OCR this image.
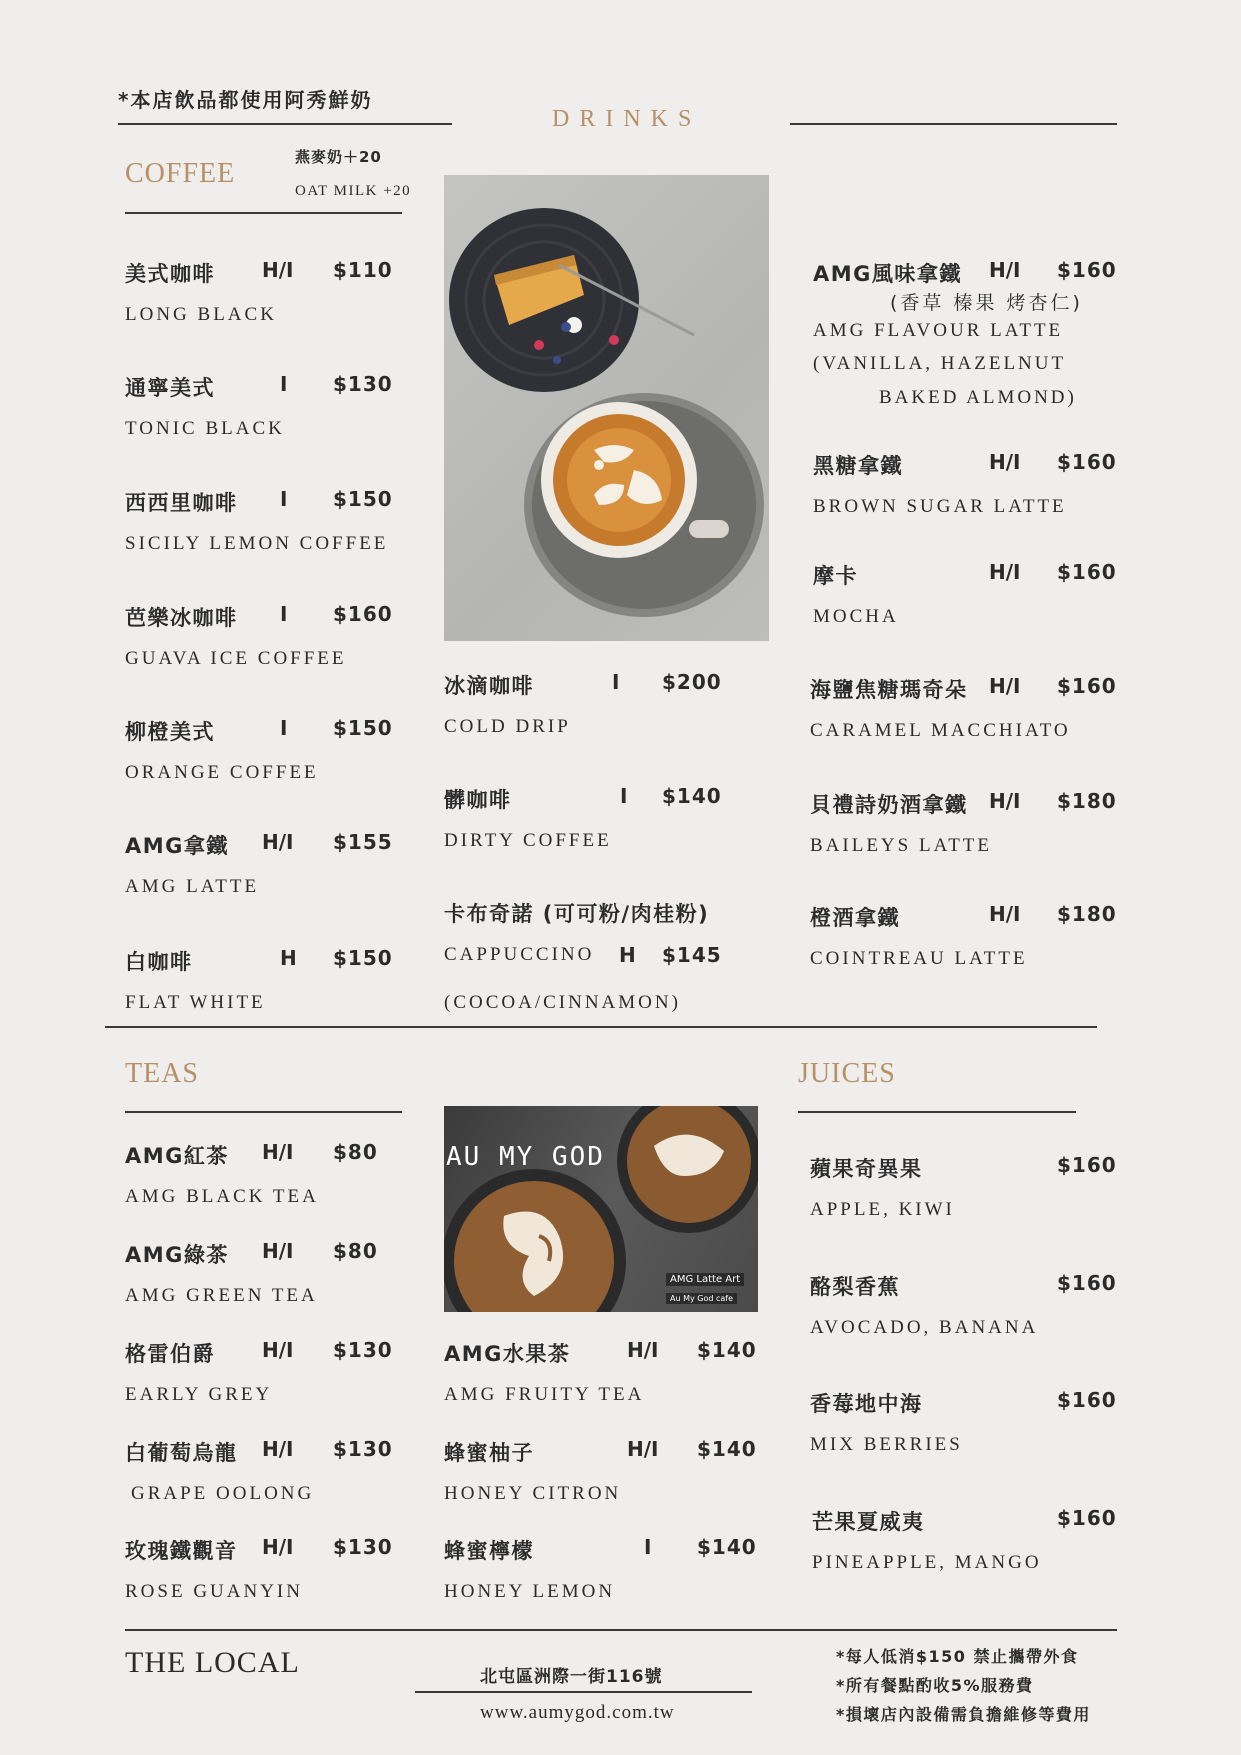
*本店飲品都使用阿秀鮮奶
DRINKS
COFFEE
燕麥奶＋20
OAT MILK +20
美式咖啡 H/I $110
LONG BLACK
通寧美式	I $130
TONIC BLACK
西西里咖啡 I $150
SICILY LEMON COFFEE
芭樂冰咖啡 I $160
GUAVA ICE COFFEE
柳橙美式	I $150
ORANGE COFFEE
AMG拿鐵 H/I $155
AMG LATTE
白咖啡	H $150
FLAT WHITE
冰滴咖啡	I $200
COLD DRIP
髒咖啡	I $140
DIRTY COFFEE
卡布奇諾 (可可粉/肉桂粉)
H $145
CAPPUCCINO
(COCOA/CINNAMON)
AMG風味拿鐵 H/I $160
(香草 榛果 烤杏仁)
AMG FLAVOUR LATTE
(VANILLA, HAZELNUT
BAKED ALMOND)
黑糖拿鐵	H/I $160
BROWN SUGAR LATTE
摩卡	H/I $160
MOCHA
海鹽焦糖瑪奇朵 H/I $160
CARAMEL MACCHIATO
貝禮詩奶酒拿鐵 H/I $180
BAILEYS LATTE
橙酒拿鐵	H/I $180
COINTREAU LATTE
TEAS	JUICES
AMG紅茶 H/I $80
AMG BLACK TEA
AMG綠茶 H/I $80
AMG GREEN TEA
格雷伯爵 H/I $130
EARLY GREY
白葡萄烏龍 H/I $130
GRAPE OOLONG
玫瑰鐵觀音 H/I $130
ROSE GUANYIN
AU MY GOD
AMG Latte Art
Au My God cafe
AMG水果茶	H/I $140
AMG FRUITY TEA
蜂蜜柚子	H/I $140
HONEY CITRON
蜂蜜檸檬	I $140
HONEY LEMON
蘋果奇異果	$160
APPLE, KIWI
酪梨香蕉	$160
AVOCADO, BANANA
香莓地中海	$160
MIX BERRIES
芒果夏威夷	$160
PINEAPPLE, MANGO
THE LOCAL	北屯區洲際一街116號
www.aumygod.com.tw
*每人低消$150 禁止攜帶外食
*所有餐點酌收5%服務費
*損壞店內設備需負擔維修等費用
